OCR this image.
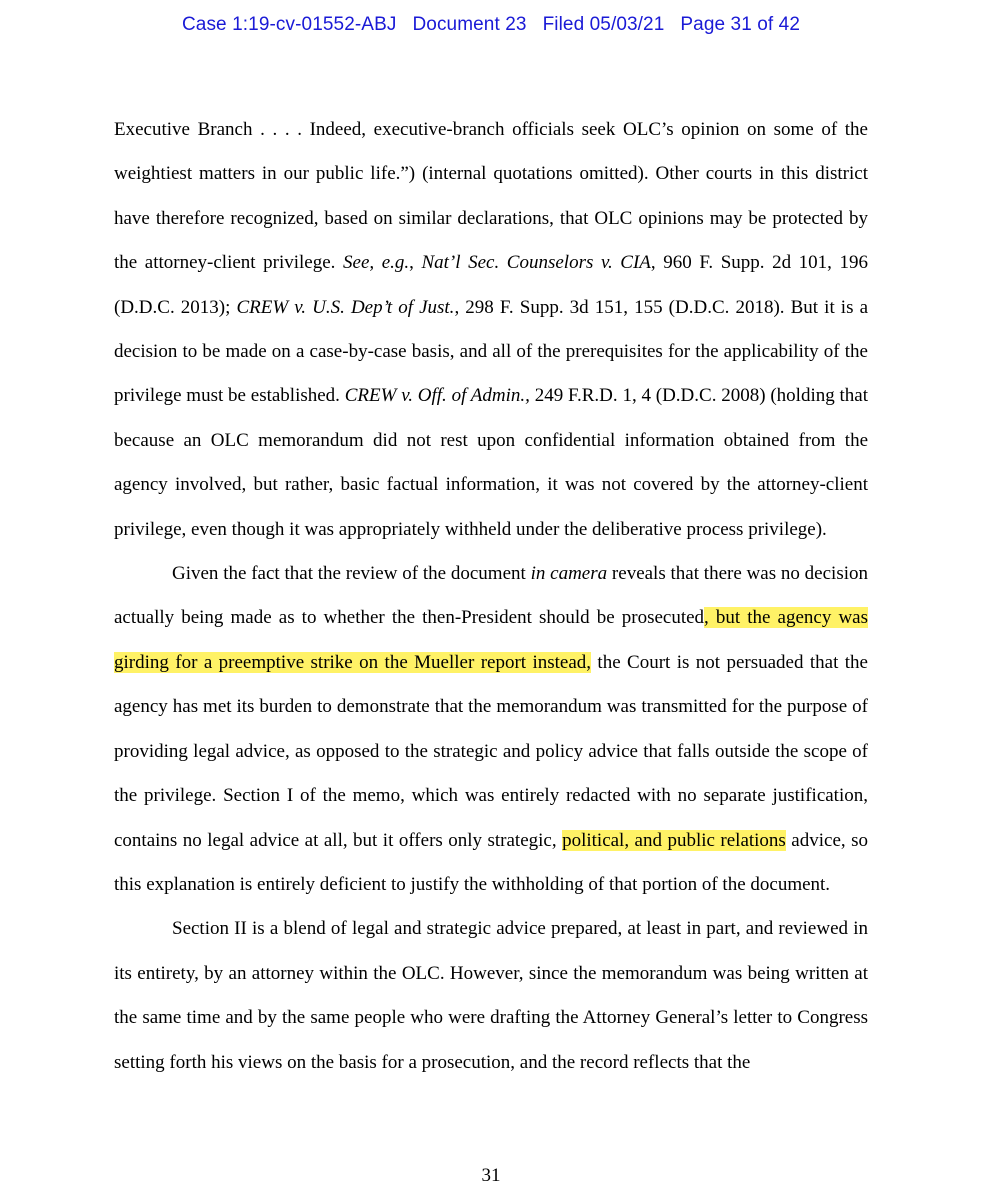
Case 1:19-cv-01552-ABJ Document 23 Filed 05/03/21 Page 31 of 42

Executive Branch . . . . Indeed, executive-branch officials seek OLC’s opinion on some of the weightiest matters in our public life.”) (internal quotations omitted). Other courts in this district have therefore recognized, based on similar declarations, that OLC opinions may be protected by the attorney-client privilege. See, e.g., Nat’l Sec. Counselors v. CIA, 960 F. Supp. 2d 101, 196 (D.D.C. 2013); CREW v. U.S. Dep’t of Just., 298 F. Supp. 3d 151, 155 (D.D.C. 2018). But it is a decision to be made on a case-by-case basis, and all of the prerequisites for the applicability of the privilege must be established. CREW v. Off. of Admin., 249 F.R.D. 1, 4 (D.D.C. 2008) (holding that because an OLC memorandum did not rest upon confidential information obtained from the agency involved, but rather, basic factual information, it was not covered by the attorney-client privilege, even though it was appropriately withheld under the deliberative process privilege).

Given the fact that the review of the document in camera reveals that there was no decision actually being made as to whether the then-President should be prosecuted, but the agency was girding for a preemptive strike on the Mueller report instead, the Court is not persuaded that the agency has met its burden to demonstrate that the memorandum was transmitted for the purpose of providing legal advice, as opposed to the strategic and policy advice that falls outside the scope of the privilege. Section I of the memo, which was entirely redacted with no separate justification, contains no legal advice at all, but it offers only strategic, political, and public relations advice, so this explanation is entirely deficient to justify the withholding of that portion of the document.

Section II is a blend of legal and strategic advice prepared, at least in part, and reviewed in its entirety, by an attorney within the OLC. However, since the memorandum was being written at the same time and by the same people who were drafting the Attorney General’s letter to Congress setting forth his views on the basis for a prosecution, and the record reflects that the

31
